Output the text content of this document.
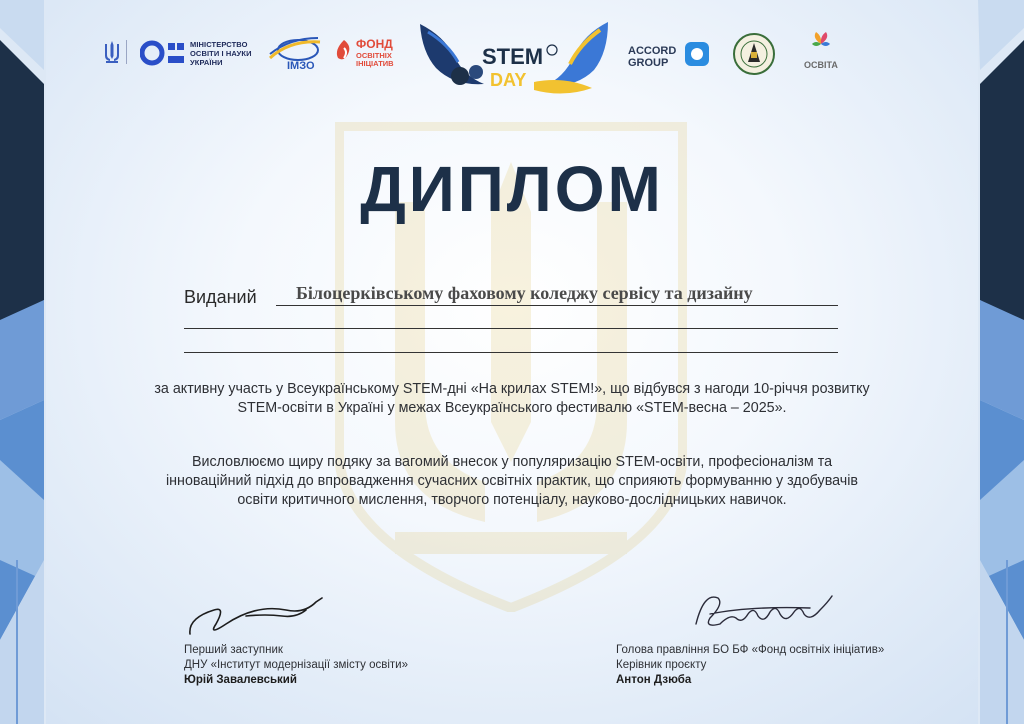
МІНІСТЕРСТВО
ОСВІТИ І НАУКИ
УКРАЇНИ	ІМЗО
ФОНД
ОСВІТНІХ
ІНІЦІАТИВ	STEM
DAY
ACCORD
GROUP	ОСВІТА
ДИПЛОМ
Виданий Білоцерківському фаховому коледжу сервісу та дизайну
за активну участь у Всеукраїнському STEM-дні «На крилах STEM!», що відбувся з нагоди 10-річчя розвитку STEM-освіти в Україні у межах Всеукраїнського фестивалю «STEM-весна – 2025».
Висловлюємо щиру подяку за вагомий внесок у популяризацію STEM-освіти, професіоналізм та інноваційний підхід до впровадження сучасних освітніх практик, що сприяють формуванню у здобувачів освіти критичного мислення, творчого потенціалу, науково-дослідницьких навичок.
Перший заступник
ДНУ «Інститут модернізації змісту освіти»
Юрій Завалевський
Голова правління БО БФ «Фонд освітніх ініціатив»
Керівник проєкту
Антон Дзюба
